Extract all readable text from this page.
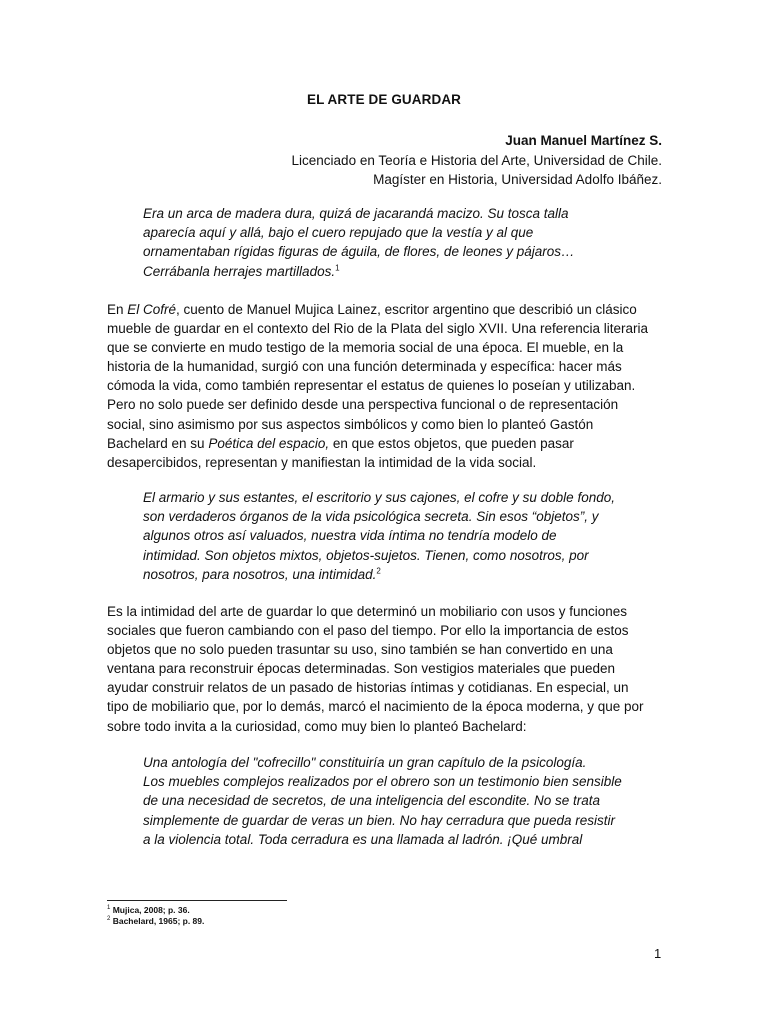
EL ARTE DE GUARDAR
Juan Manuel Martínez S.
Licenciado en Teoría e Historia del Arte, Universidad de Chile.
Magíster en Historia, Universidad Adolfo Ibáñez.
Era un arca de madera dura, quizá de jacarandá macizo. Su tosca talla
aparecía aquí y allá, bajo el cuero repujado que la vestía y al que
ornamentaban rígidas figuras de águila, de flores, de leones y pájaros…
Cerrábanla herrajes martillados.$^1$
En El Cofré, cuento de Manuel Mujica Lainez, escritor argentino que describió un clásico
mueble de guardar en el contexto del Rio de la Plata del siglo XVII. Una referencia literaria
que se convierte en mudo testigo de la memoria social de una época. El mueble, en la
historia de la humanidad, surgió con una función determinada y específica: hacer más
cómoda la vida, como también representar el estatus de quienes lo poseían y utilizaban.
Pero no solo puede ser definido desde una perspectiva funcional o de representación
social, sino asimismo por sus aspectos simbólicos y como bien lo planteó Gastón
Bachelard en su Poética del espacio, en que estos objetos, que pueden pasar
desapercibidos, representan y manifiestan la intimidad de la vida social.
El armario y sus estantes, el escritorio y sus cajones, el cofre y su doble fondo,
son verdaderos órganos de la vida psicológica secreta. Sin esos “objetos”, y
algunos otros así valuados, nuestra vida íntima no tendría modelo de
intimidad. Son objetos mixtos, objetos-sujetos. Tienen, como nosotros, por
nosotros, para nosotros, una intimidad.$^2$
Es la intimidad del arte de guardar lo que determinó un mobiliario con usos y funciones
sociales que fueron cambiando con el paso del tiempo. Por ello la importancia de estos
objetos que no solo pueden trasuntar su uso, sino también se han convertido en una
ventana para reconstruir épocas determinadas. Son vestigios materiales que pueden
ayudar construir relatos de un pasado de historias íntimas y cotidianas. En especial, un
tipo de mobiliario que, por lo demás, marcó el nacimiento de la época moderna, y que por
sobre todo invita a la curiosidad, como muy bien lo planteó Bachelard:
Una antología del "cofrecillo" constituiría un gran capítulo de la psicología.
Los muebles complejos realizados por el obrero son un testimonio bien sensible
de una necesidad de secretos, de una inteligencia del escondite. No se trata
simplemente de guardar de veras un bien. No hay cerradura que pueda resistir
a la violencia total. Toda cerradura es una llamada al ladrón. ¡Qué umbral
$^1$ Mujica, 2008; p. 36.
$^2$ Bachelard, 1965; p. 89.
1
